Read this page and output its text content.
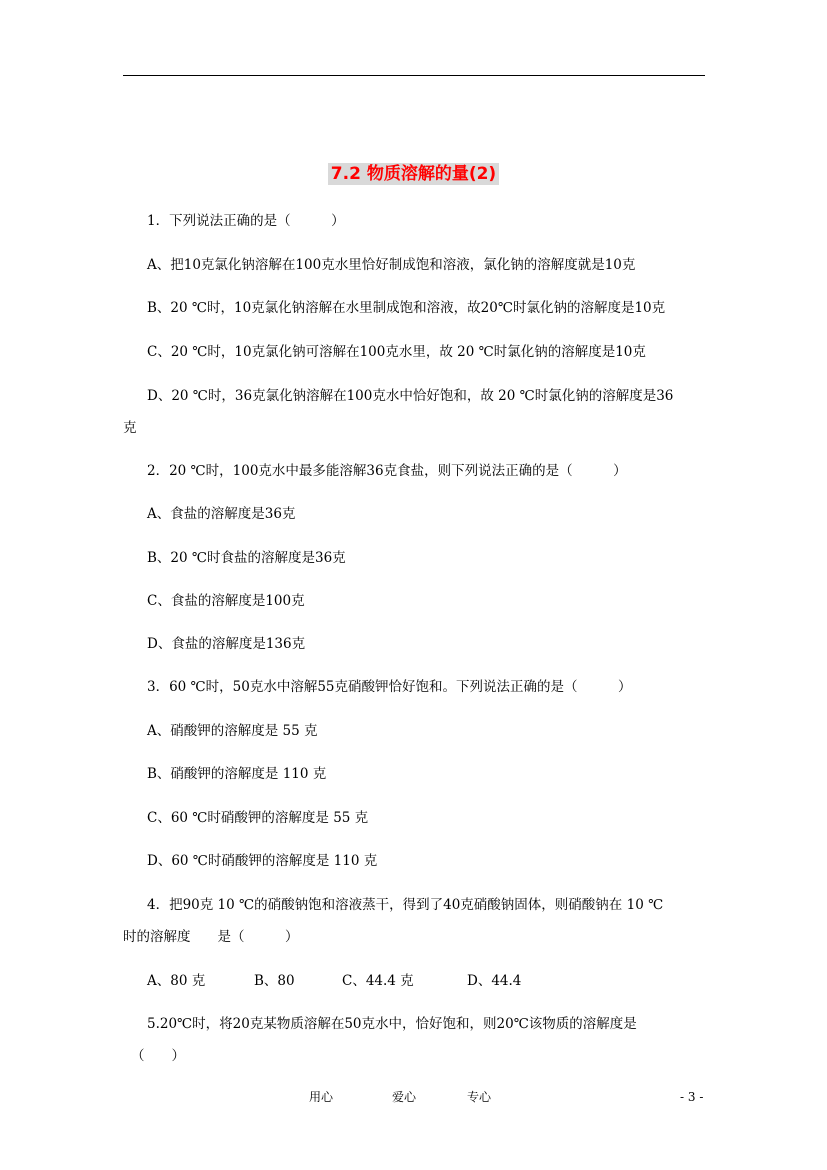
7.2 物质溶解的量(2)
1．下列说法正确的是（　　　）
A、把10克氯化钠溶解在100克水里恰好制成饱和溶液，氯化钠的溶解度就是10克
B、20 ℃时，10克氯化钠溶解在水里制成饱和溶液，故20℃时氯化钠的溶解度是10克
C、20 ℃时，10克氯化钠可溶解在100克水里，故 20 ℃时氯化钠的溶解度是10克
D、20 ℃时，36克氯化钠溶解在100克水中恰好饱和，故 20 ℃时氯化钠的溶解度是36
克
2．20 ℃时，100克水中最多能溶解36克食盐，则下列说法正确的是（　　　）
A、食盐的溶解度是36克
B、20 ℃时食盐的溶解度是36克
C、食盐的溶解度是100克
D、食盐的溶解度是136克
3．60 ℃时，50克水中溶解55克硝酸钾恰好饱和。下列说法正确的是（　　　）
A、硝酸钾的溶解度是 55 克
B、硝酸钾的溶解度是 110 克
C、60 ℃时硝酸钾的溶解度是 55 克
D、60 ℃时硝酸钾的溶解度是 110 克
4．把90克 10 ℃的硝酸钠饱和溶液蒸干，得到了40克硝酸钠固体，则硝酸钠在 10 ℃
时的溶解度　　是（　　　）
A、80 克	B、80	C、44.4 克	D、44.4
5.20℃时，将20克某物质溶解在50克水中，恰好饱和，则20℃该物质的溶解度是
（　　）
用心	爱心	专心	- 3 -
